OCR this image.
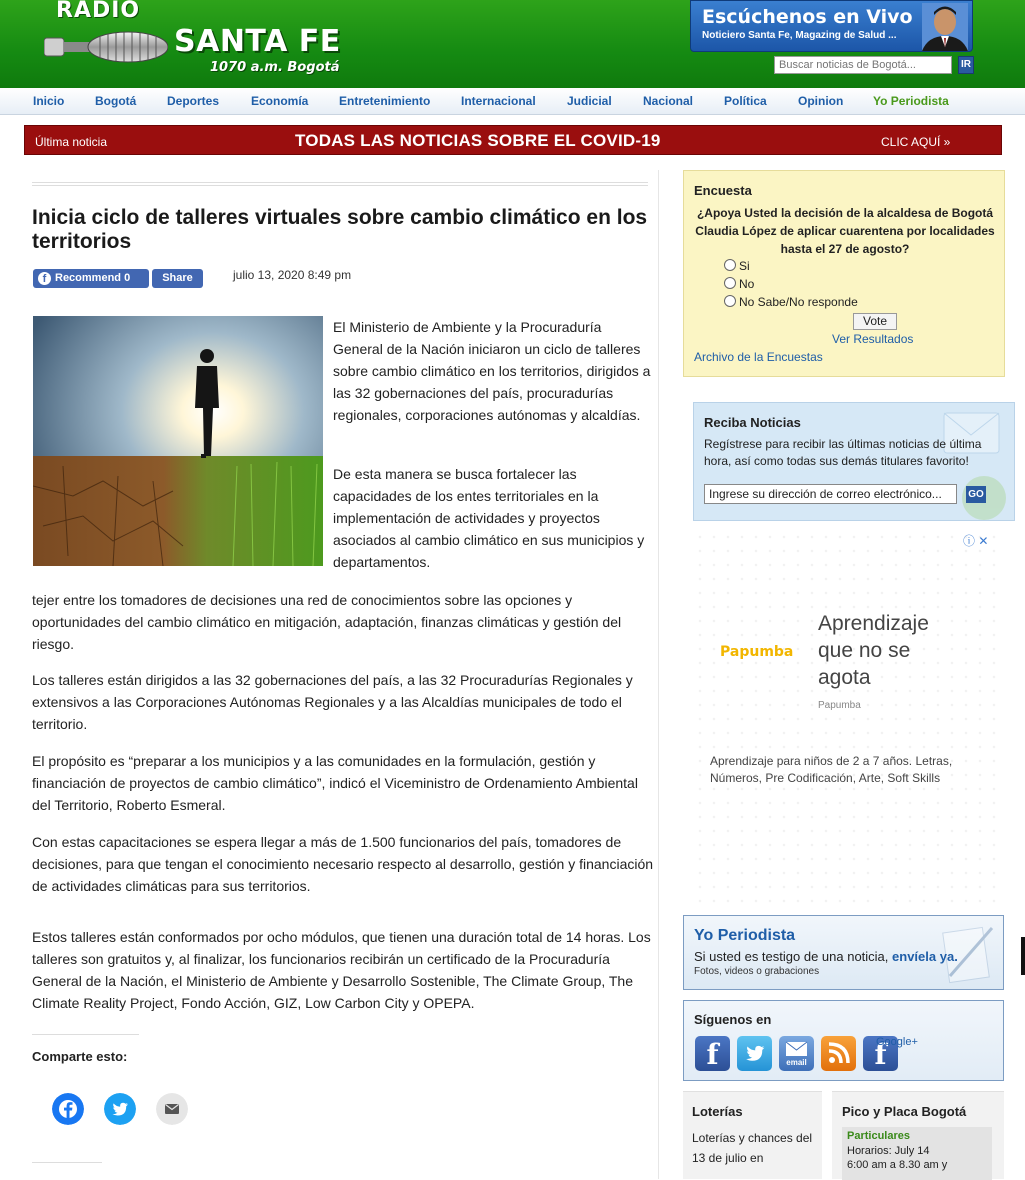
RADIO
SANTA FE
1070 a.m. Bogotá
Escúchenos en Vivo
Noticiero Santa Fe, Magazing de Salud ...
Buscar noticias de Bogotá...
IR
Inicio	Bogotá	Deportes	Economía	Entretenimiento	Internacional	Judicial	Nacional	Política	Opinion Yo Periodista
Última noticia	TODAS LAS NOTICIAS SOBRE EL COVID-19	CLIC AQUÍ »
Inicia ciclo de talleres virtuales sobre cambio climático en los territorios
f Recommend 0	Share	julio 13, 2020 8:49 pm

El Ministerio de Ambiente y la Procuraduría General de la Nación iniciaron un ciclo de talleres sobre cambio climático en los territorios, dirigidos a las 32 gobernaciones del país, procuradurías regionales, corporaciones autónomas y alcaldías.

De esta manera se busca fortalecer las capacidades de los entes territoriales en la implementación de actividades y proyectos asociados al cambio climático en sus municipios y departamentos.

tejer entre los tomadores de decisiones una red de conocimientos sobre las opciones y oportunidades del cambio climático en mitigación, adaptación, finanzas climáticas y gestión del riesgo.

Los talleres están dirigidos a las 32 gobernaciones del país, a las 32 Procuradurías Regionales y extensivos a las Corporaciones Autónomas Regionales y a las Alcaldías municipales de todo el territorio.

El propósito es “preparar a los municipios y a las comunidades en la formulación, gestión y financiación de proyectos de cambio climático”, indicó el Viceministro de Ordenamiento Ambiental del Territorio, Roberto Esmeral.

Con estas capacitaciones se espera llegar a más de 1.500 funcionarios del país, tomadores de decisiones, para que tengan el conocimiento necesario respecto al desarrollo, gestión y financiación de actividades climáticas para sus territorios.

Estos talleres están conformados por ocho módulos, que tienen una duración total de 14 horas. Los talleres son gratuitos y, al finalizar, los funcionarios recibirán un certificado de la Procuraduría General de la Nación, el Ministerio de Ambiente y Desarrollo Sostenible, The Climate Group, The Climate Reality Project, Fondo Acción, GIZ, Low Carbon City y OPEPA.

Comparte esto:
Encuesta
¿Apoya Usted la decisión de la alcaldesa de Bogotá Claudia López de aplicar cuarentena por localidades hasta el 27 de agosto?
Si
No
No Sabe/No responde
Vote
Ver Resultados
Archivo de la Encuestas
Reciba Noticias
Regístrese para recibir las últimas noticias de última hora, así como todas sus demás titulares favorito!
Ingrese su dirección de correo electrónico...
GO
ⓘ ✕
Papumba
Aprendizaje que no se agota
Papumba
Aprendizaje para niños de 2 a 7 años. Letras, Números, Pre Codificación, Arte, Soft Skills
Yo Periodista
Si usted es testigo de una noticia, envíela ya.
Fotos, videos o grabaciones
Síguenos en
f	email	f
Google+
Loterías
Loterías y chances del 13 de julio en
Pico y Placa Bogotá
Particulares
Horarios: July 14
6:00 am a 8.30 am y
